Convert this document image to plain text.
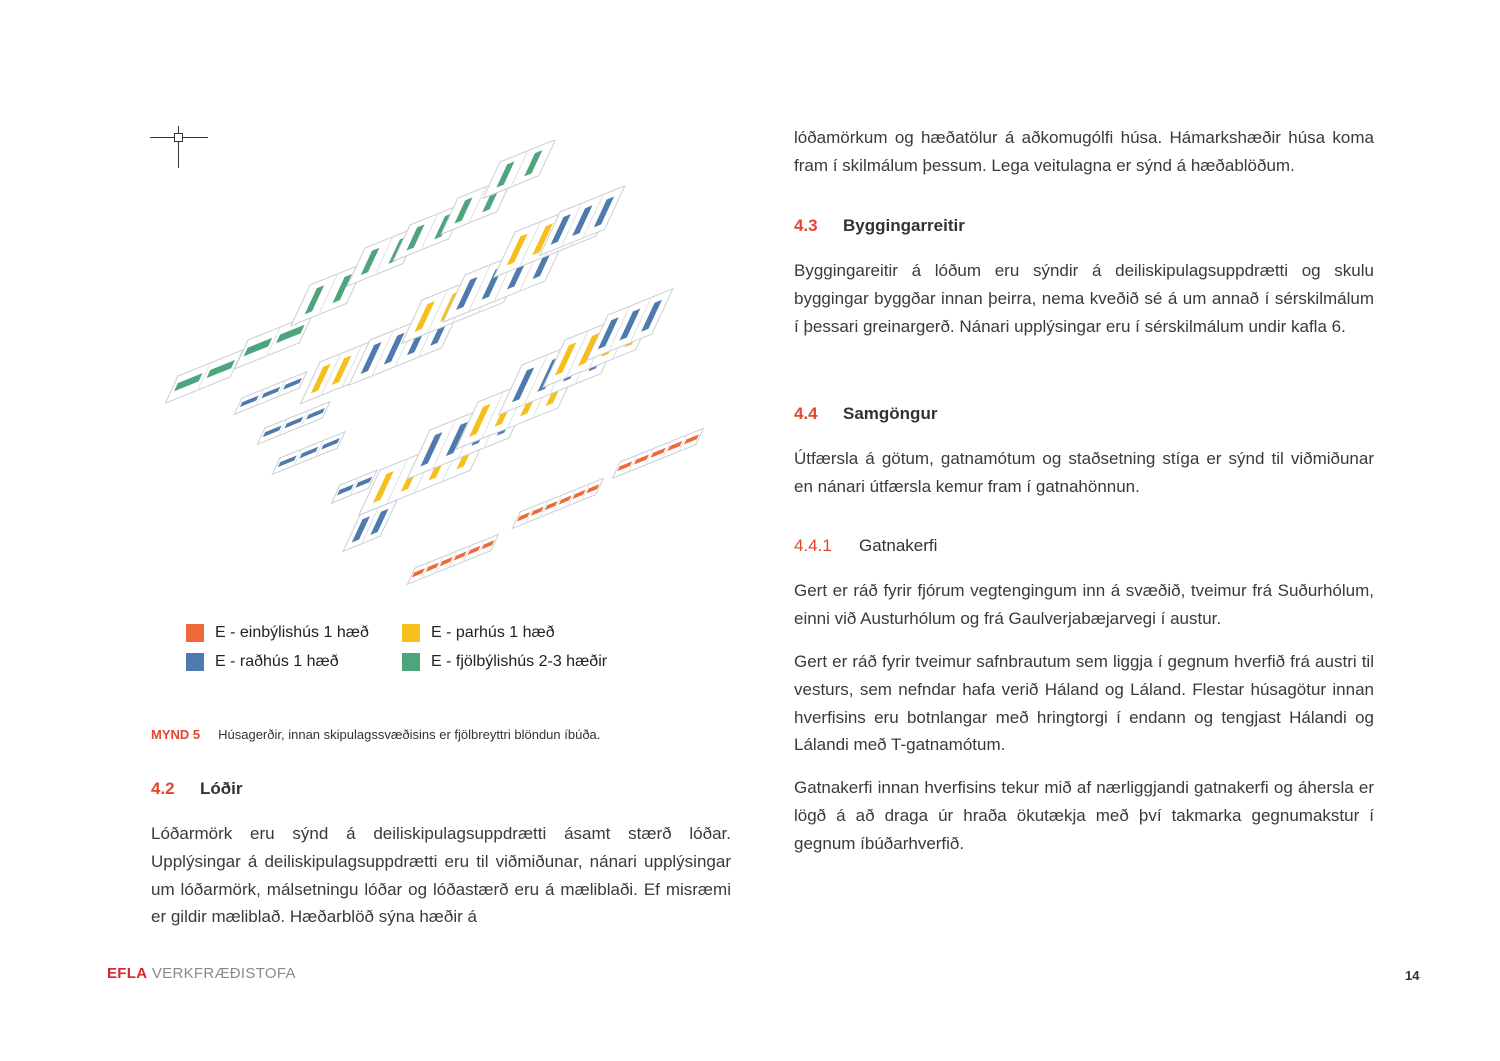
E - einbýlishús 1 hæð	E - parhús 1 hæð
E - raðhús 1 hæð	E - fjölbýlishús 2-3 hæðir
MYND 5 Húsagerðir, innan skipulagssvæðisins er fjölbreyttri blöndun íbúða.
4.2 Lóðir

Lóðarmörk eru sýnd á deiliskipulagsuppdrætti ásamt stærð lóðar. Upplýsingar á deiliskipulagsuppdrætti eru til viðmiðunar, nánari upplýsingar um lóðarmörk, málsetningu lóðar og lóðastærð eru á mæliblaði. Ef misræmi er gildir mæliblað. Hæðarblöð sýna hæðir á

lóðamörkum og hæðatölur á aðkomugólfi húsa. Hámarkshæðir húsa koma fram í skilmálum þessum. Lega veitulagna er sýnd á hæðablöðum.

4.3 Byggingarreitir

Byggingareitir á lóðum eru sýndir á deiliskipulagsuppdrætti og skulu byggingar byggðar innan þeirra, nema kveðið sé á um annað í sérskilmálum í þessari greinargerð. Nánari upplýsingar eru í sérskilmálum undir kafla 6.

4.4 Samgöngur

Útfærsla á götum, gatnamótum og staðsetning stíga er sýnd til viðmiðunar en nánari útfærsla kemur fram í gatnahönnun.

4.4.1 Gatnakerfi

Gert er ráð fyrir fjórum vegtengingum inn á svæðið, tveimur frá Suðurhólum, einni við Austurhólum og frá Gaulverjabæjarvegi í austur.

Gert er ráð fyrir tveimur safnbrautum sem liggja í gegnum hverfið frá austri til vesturs, sem nefndar hafa verið Háland og Láland. Flestar húsagötur innan hverfisins eru botnlangar með hringtorgi í endann og tengjast Hálandi og Lálandi með T-gatnamótum.

Gatnakerfi innan hverfisins tekur mið af nærliggjandi gatnakerfi og áhersla er lögð á að draga úr hraða ökutækja með því takmarka gegnumakstur í gegnum íbúðarhverfið.

EFLA VERKFRÆÐISTOFA	14
